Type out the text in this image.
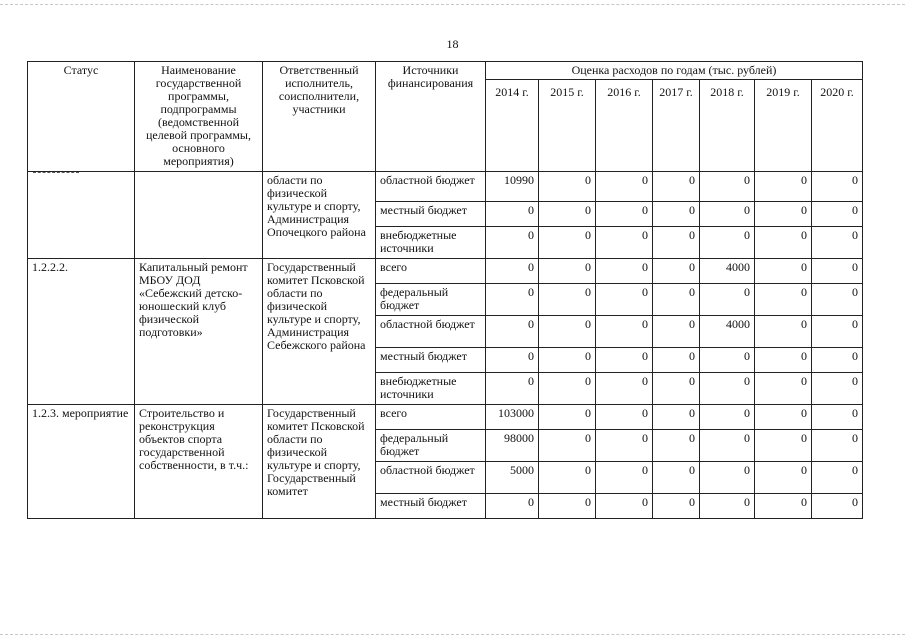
18
Статус	Наименование государственной программы, подпрограммы (ведомственной целевой программы, основного мероприятия)	Ответственный исполнитель, соисполнители, участники	Источники финансирования	Оценка расходов по годам (тыс. рублей)						
				2014 г.	2015 г.	2016 г.	2017 г.	2018 г.	2019 г.	2020 г.
		области по физической культуре и спорту, Администрация Опочецкого района	областной бюджет	10990	0	0	0	0	0	0
			местный бюджет	0	0	0	0	0	0	0
			внебюджетные источники	0	0	0	0	0	0	0
1.2.2.2.	Капитальный ремонт МБОУ ДОД «Себежский детско-юношеский клуб физической подготовки»	Государственный комитет Псковской области по физической культуре и спорту, Администрация Себежского района	всего	0	0	0	0	4000	0	0
			федеральный бюджет	0	0	0	0	0	0	0
			областной бюджет	0	0	0	0	4000	0	0
			местный бюджет	0	0	0	0	0	0	0
			внебюджетные источники	0	0	0	0	0	0	0
1.2.3. мероприятие	Строительство и реконструкция объектов спорта государственной собственности, в т.ч.:	Государственный комитет Псковской области по физической культуре и спорту, Государственный комитет	всего	103000	0	0	0	0	0	0
			федеральный бюджет	98000	0	0	0	0	0	0
			областной бюджет	5000	0	0	0	0	0	0
			местный бюджет	0	0	0	0	0	0	0
